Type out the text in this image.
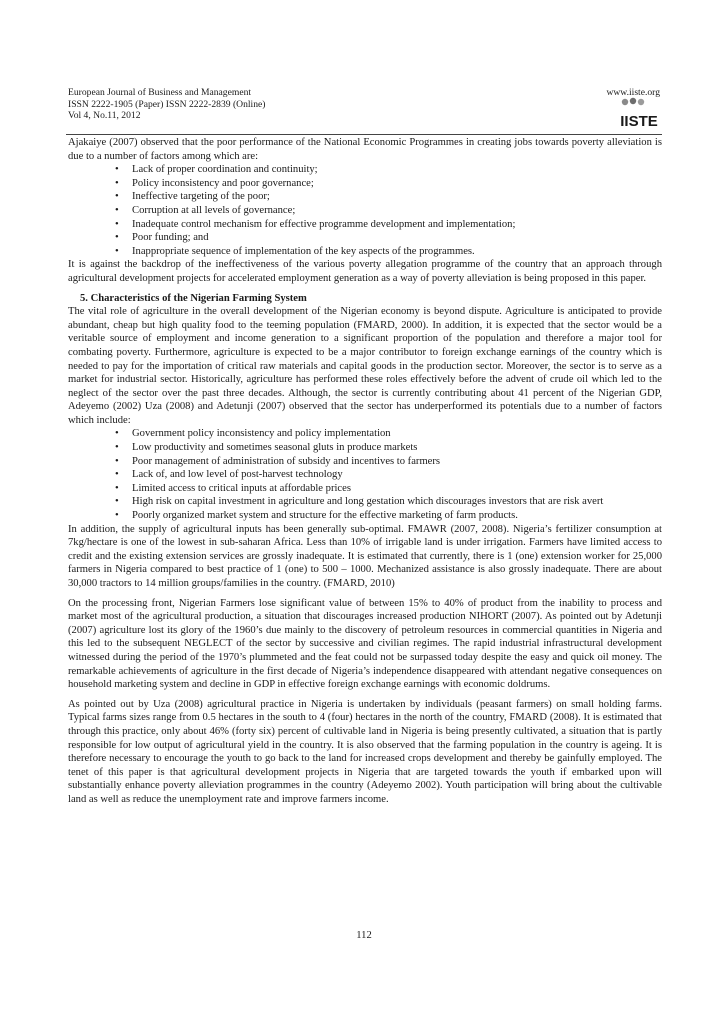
European Journal of Business and Management	www.iiste.org
ISSN 2222-1905 (Paper) ISSN 2222-2839 (Online)
Vol 4, No.11, 2012	IISTE

Ajakaiye (2007) observed that the poor performance of the National Economic Programmes in creating jobs towards poverty alleviation is due to a number of factors among which are:

• Lack of proper coordination and continuity;
• Policy inconsistency and poor governance;
• Ineffective targeting of the poor;
• Corruption at all levels of governance;
• Inadequate control mechanism for effective programme development and implementation;
• Poor funding; and
• Inappropriate sequence of implementation of the key aspects of the programmes.

It is against the backdrop of the ineffectiveness of the various poverty allegation programme of the country that an approach through agricultural development projects for accelerated employment generation as a way of poverty alleviation is being proposed in this paper.

5. Characteristics of the Nigerian Farming System

The vital role of agriculture in the overall development of the Nigerian economy is beyond dispute. Agriculture is anticipated to provide abundant, cheap but high quality food to the teeming population (FMARD, 2000). In addition, it is expected that the sector would be a veritable source of employment and income generation to a significant proportion of the population and therefore a major tool for combating poverty. Furthermore, agriculture is expected to be a major contributor to foreign exchange earnings of the country which is needed to pay for the importation of critical raw materials and capital goods in the production sector. Moreover, the sector is to serve as a market for industrial sector. Historically, agriculture has performed these roles effectively before the advent of crude oil which led to the neglect of the sector over the past three decades. Although, the sector is currently contributing about 41 percent of the Nigerian GDP, Adeyemo (2002) Uza (2008) and Adetunji (2007) observed that the sector has underperformed its potentials due to a number of factors which include:

• Government policy inconsistency and policy implementation
• Low productivity and sometimes seasonal gluts in produce markets
• Poor management of administration of subsidy and incentives to farmers
• Lack of, and low level of post-harvest technology
• Limited access to critical inputs at affordable prices
• High risk on capital investment in agriculture and long gestation which discourages investors that are risk avert
• Poorly organized market system and structure for the effective marketing of farm products.

In addition, the supply of agricultural inputs has been generally sub-optimal. FMAWR (2007, 2008). Nigeria’s fertilizer consumption at 7kg/hectare is one of the lowest in sub-saharan Africa. Less than 10% of irrigable land is under irrigation. Farmers have limited access to credit and the existing extension services are grossly inadequate. It is estimated that currently, there is 1 (one) extension worker for 25,000 farmers in Nigeria compared to best practice of 1 (one) to 500 – 1000. Mechanized assistance is also grossly inadequate. There are about 30,000 tractors to 14 million groups/families in the country. (FMARD, 2010)

On the processing front, Nigerian Farmers lose significant value of between 15% to 40% of product from the inability to process and market most of the agricultural production, a situation that discourages increased production NIHORT (2007). As pointed out by Adetunji (2007) agriculture lost its glory of the 1960’s due mainly to the discovery of petroleum resources in commercial quantities in Nigeria and this led to the subsequent NEGLECT of the sector by successive and civilian regimes. The rapid industrial infrastructural development witnessed during the period of the 1970’s plummeted and the feat could not be surpassed today despite the easy and quick oil money. The remarkable achievements of agriculture in the first decade of Nigeria’s independence disappeared with attendant negative consequences on household marketing system and decline in GDP in effective foreign exchange earnings with economic doldrums.

As pointed out by Uza (2008) agricultural practice in Nigeria is undertaken by individuals (peasant farmers) on small holding farms. Typical farms sizes range from 0.5 hectares in the south to 4 (four) hectares in the north of the country, FMARD (2008). It is estimated that through this practice, only about 46% (forty six) percent of cultivable land in Nigeria is being presently cultivated, a situation that is partly responsible for low output of agricultural yield in the country. It is also observed that the farming population in the country is ageing. It is therefore necessary to encourage the youth to go back to the land for increased crops development and thereby be gainfully employed. The tenet of this paper is that agricultural development projects in Nigeria that are targeted towards the youth if embarked upon will substantially enhance poverty alleviation programmes in the country (Adeyemo 2002). Youth participation will bring about the cultivable land as well as reduce the unemployment rate and improve farmers income.

112
